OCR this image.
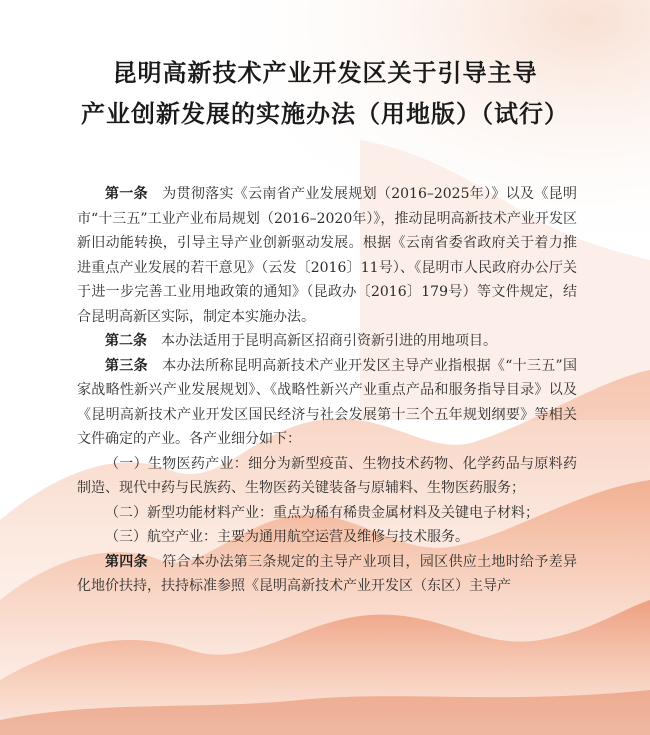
昆明高新技术产业开发区关于引导主导
产业创新发展的实施办法（用地版）（试行）

第一条　 为贯彻落实《云南省产业发展规划（2016–2025年）》以及《昆明市“十三五”工业产业布局规划（2016–2020年）》，推动昆明高新技术产业开发区新旧动能转换，引导主导产业创新驱动发展。根据《云南省委省政府关于着力推进重点产业发展的若干意见》（云发〔2016〕11号）、《昆明市人民政府办公厅关于进一步完善工业用地政策的通知》（昆政办〔2016〕179号）等文件规定，结合昆明高新区实际，制定本实施办法。

第二条　 本办法适用于昆明高新区招商引资新引进的用地项目。

第三条　 本办法所称昆明高新技术产业开发区主导产业指根据《“十三五”国家战略性新兴产业发展规划》、《战略性新兴产业重点产品和服务指导目录》以及《昆明高新技术产业开发区国民经济与社会发展第十三个五年规划纲要》等相关文件确定的产业。各产业细分如下：

（一）生物医药产业：细分为新型疫苗、生物技术药物、化学药品与原料药制造、现代中药与民族药、生物医药关键装备与原辅料、生物医药服务；

（二）新型功能材料产业：重点为稀有稀贵金属材料及关键电子材料；

（三）航空产业：主要为通用航空运营及维修与技术服务。

第四条　 符合本办法第三条规定的主导产业项目，园区供应土地时给予差异化地价扶持，扶持标准参照《昆明高新技术产业开发区（东区）主导产
